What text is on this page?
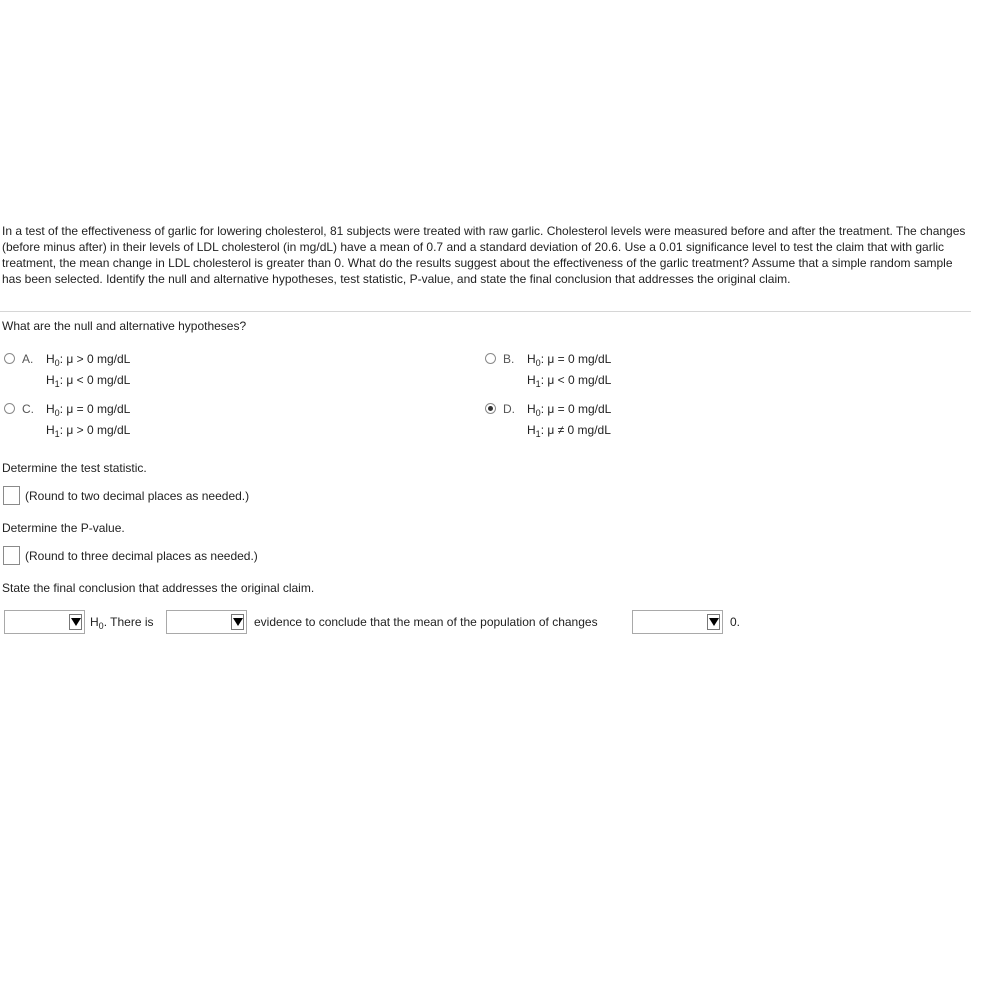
In a test of the effectiveness of garlic for lowering cholesterol, 81 subjects were treated with raw garlic. Cholesterol levels were measured before and after the treatment. The changes (before minus after) in their levels of LDL cholesterol (in mg/dL) have a mean of 0.7 and a standard deviation of 20.6. Use a 0.01 significance level to test the claim that with garlic treatment, the mean change in LDL cholesterol is greater than 0. What do the results suggest about the effectiveness of the garlic treatment? Assume that a simple random sample has been selected. Identify the null and alternative hypotheses, test statistic, P-value, and state the final conclusion that addresses the original claim.
What are the null and alternative hypotheses?
A. $H_0$: μ > 0 mg/dL
$H_1$: μ < 0 mg/dL
B. $H_0$: μ = 0 mg/dL
$H_1$: μ < 0 mg/dL
C. $H_0$: μ = 0 mg/dL
$H_1$: μ > 0 mg/dL
D. $H_0$: μ = 0 mg/dL
$H_1$: μ ≠ 0 mg/dL
Determine the test statistic.
(Round to two decimal places as needed.)
Determine the P-value.
(Round to three decimal places as needed.)
State the final conclusion that addresses the original claim.
$H_0$. There is	evidence to conclude that the mean of the population of changes	0.
